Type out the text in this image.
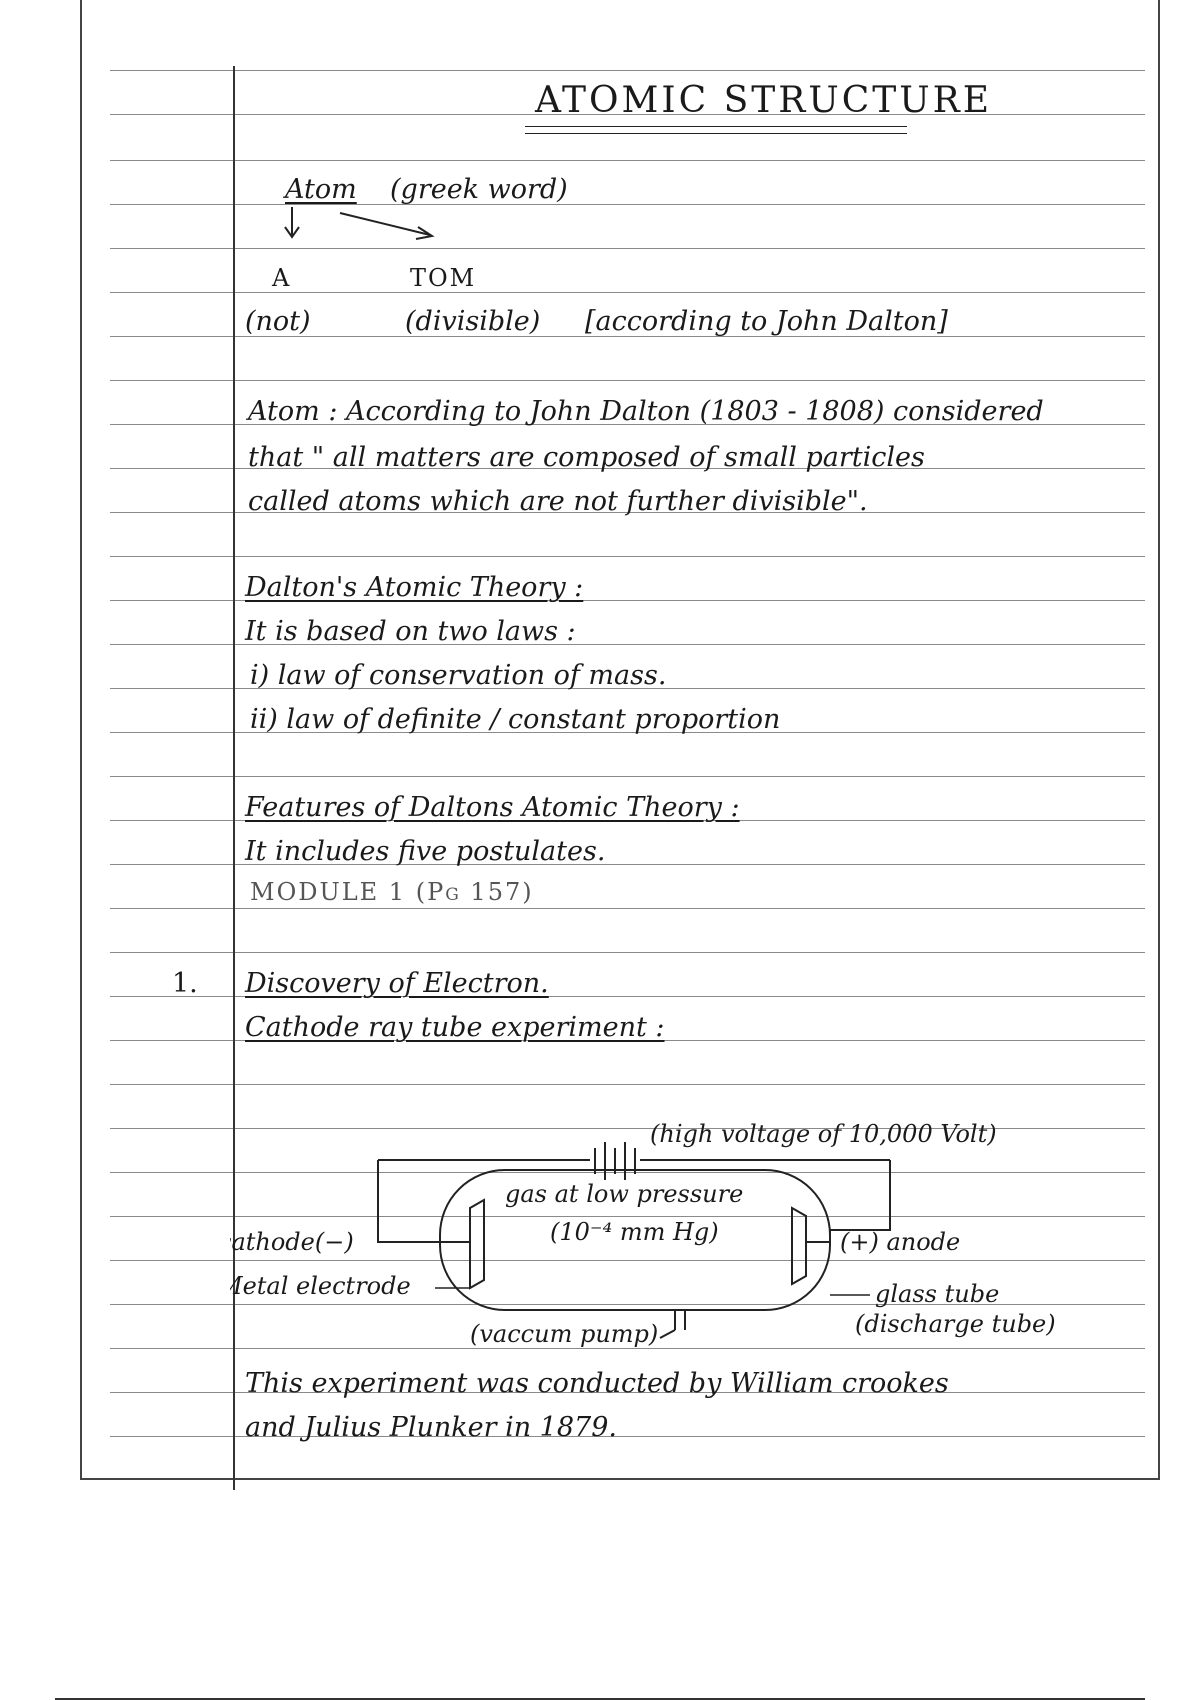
ATOMIC STRUCTURE
Atom (greek word)
A	TOM
(not)	(divisible) [according to John Dalton]
Atom : According to John Dalton (1803 - 1808) considered
that " all matters are composed of small particles
called atoms which are not further divisible".
Dalton's Atomic Theory :
It is based on two laws :
i) law of conservation of mass.
ii) law of definite / constant proportion
Features of Daltons Atomic Theory :
It includes five postulates.
MODULE 1 (Pg 157)
1. Discovery of Electron.
Cathode ray tube experiment :
(high voltage of 10,000 Volt)
gas at low pressure
(10⁻⁴ mm Hg)
cathode(−)	(+) anode
Metal electrode	glass tube
(discharge tube)
(vaccum pump)
This experiment was conducted by William crookes
and Julius Plunker in 1879.
